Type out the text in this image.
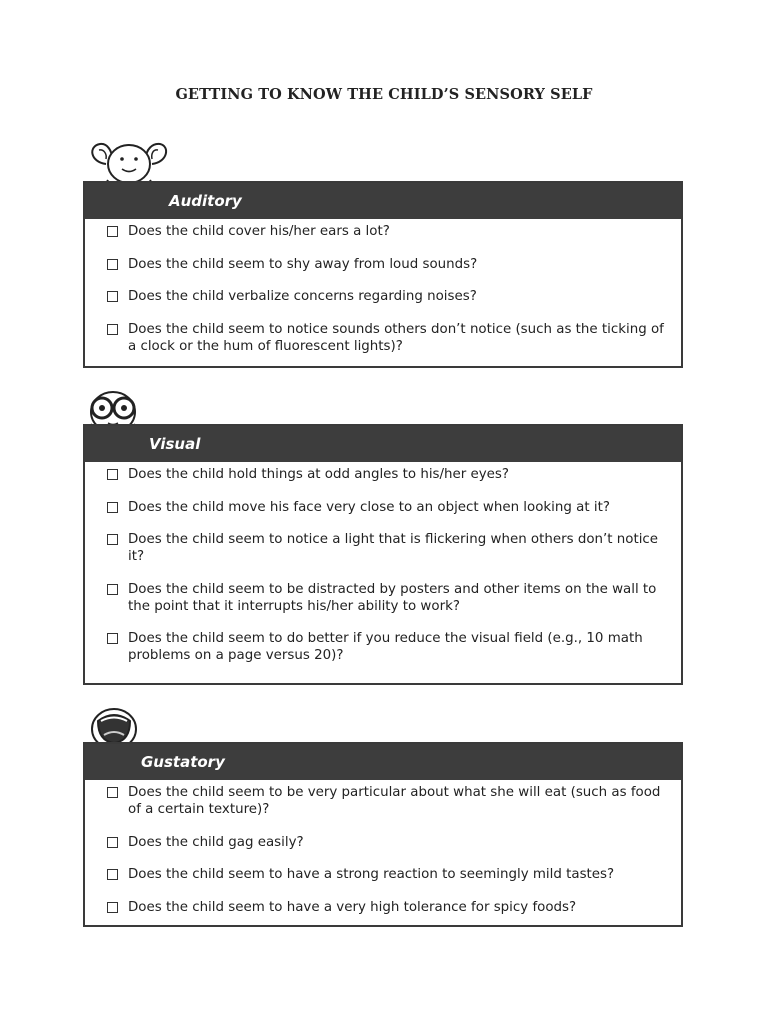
GETTING TO KNOW THE CHILD’S SENSORY SELF
Auditory
Does the child cover his/her ears a lot?
Does the child seem to shy away from loud sounds?
Does the child verbalize concerns regarding noises?
Does the child seem to notice sounds others don’t notice (such as the ticking of a clock or the hum of fluorescent lights)?
Visual
Does the child hold things at odd angles to his/her eyes?
Does the child move his face very close to an object when looking at it?
Does the child seem to notice a light that is flickering when others don’t notice it?
Does the child seem to be distracted by posters and other items on the wall to the point that it interrupts his/her ability to work?
Does the child seem to do better if you reduce the visual field (e.g., 10 math problems on a page versus 20)?
Gustatory
Does the child seem to be very particular about what she will eat (such as food of a certain texture)?
Does the child gag easily?
Does the child seem to have a strong reaction to seemingly mild tastes?
Does the child seem to have a very high tolerance for spicy foods?
